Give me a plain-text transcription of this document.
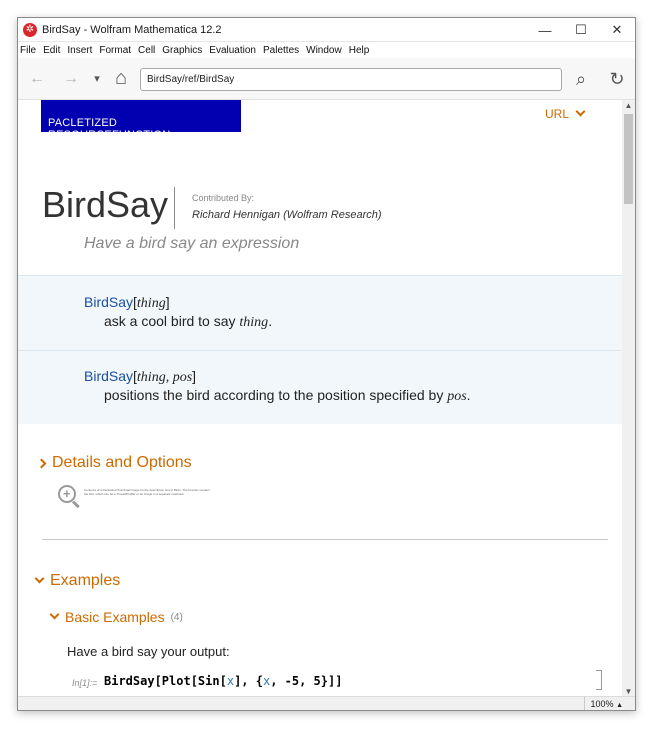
✲ BirdSay - Wolfram Mathematica 12.2	—	☐	✕
File Edit Insert Format Cell Graphics Evaluation Palettes Window Help
← →	▾ ⌂	BirdSay/ref/BirdSay	⌕	↻
PACLETIZED RESOURCEFUNCTION
URL
BirdSay	Contributed By:
Richard Hennigan (Wolfram Research)
Have a bird say an expression
BirdSay[thing]
ask a cool bird to say thing.
BirdSay[thing, pos]
positions the bird according to the position specified by pos.
Details and Options
+	Contents of a Pacletized thumbnail image for the description text of Birds. The function renders the bird, which can be a ThreadProfiler or an Image in a separate notebook.
Examples
Basic Examples (4)
Have a bird say your output:
In[1]:= BirdSay[Plot[Sin[x], {x, -5, 5}]]
▲
▼
100% ▲
